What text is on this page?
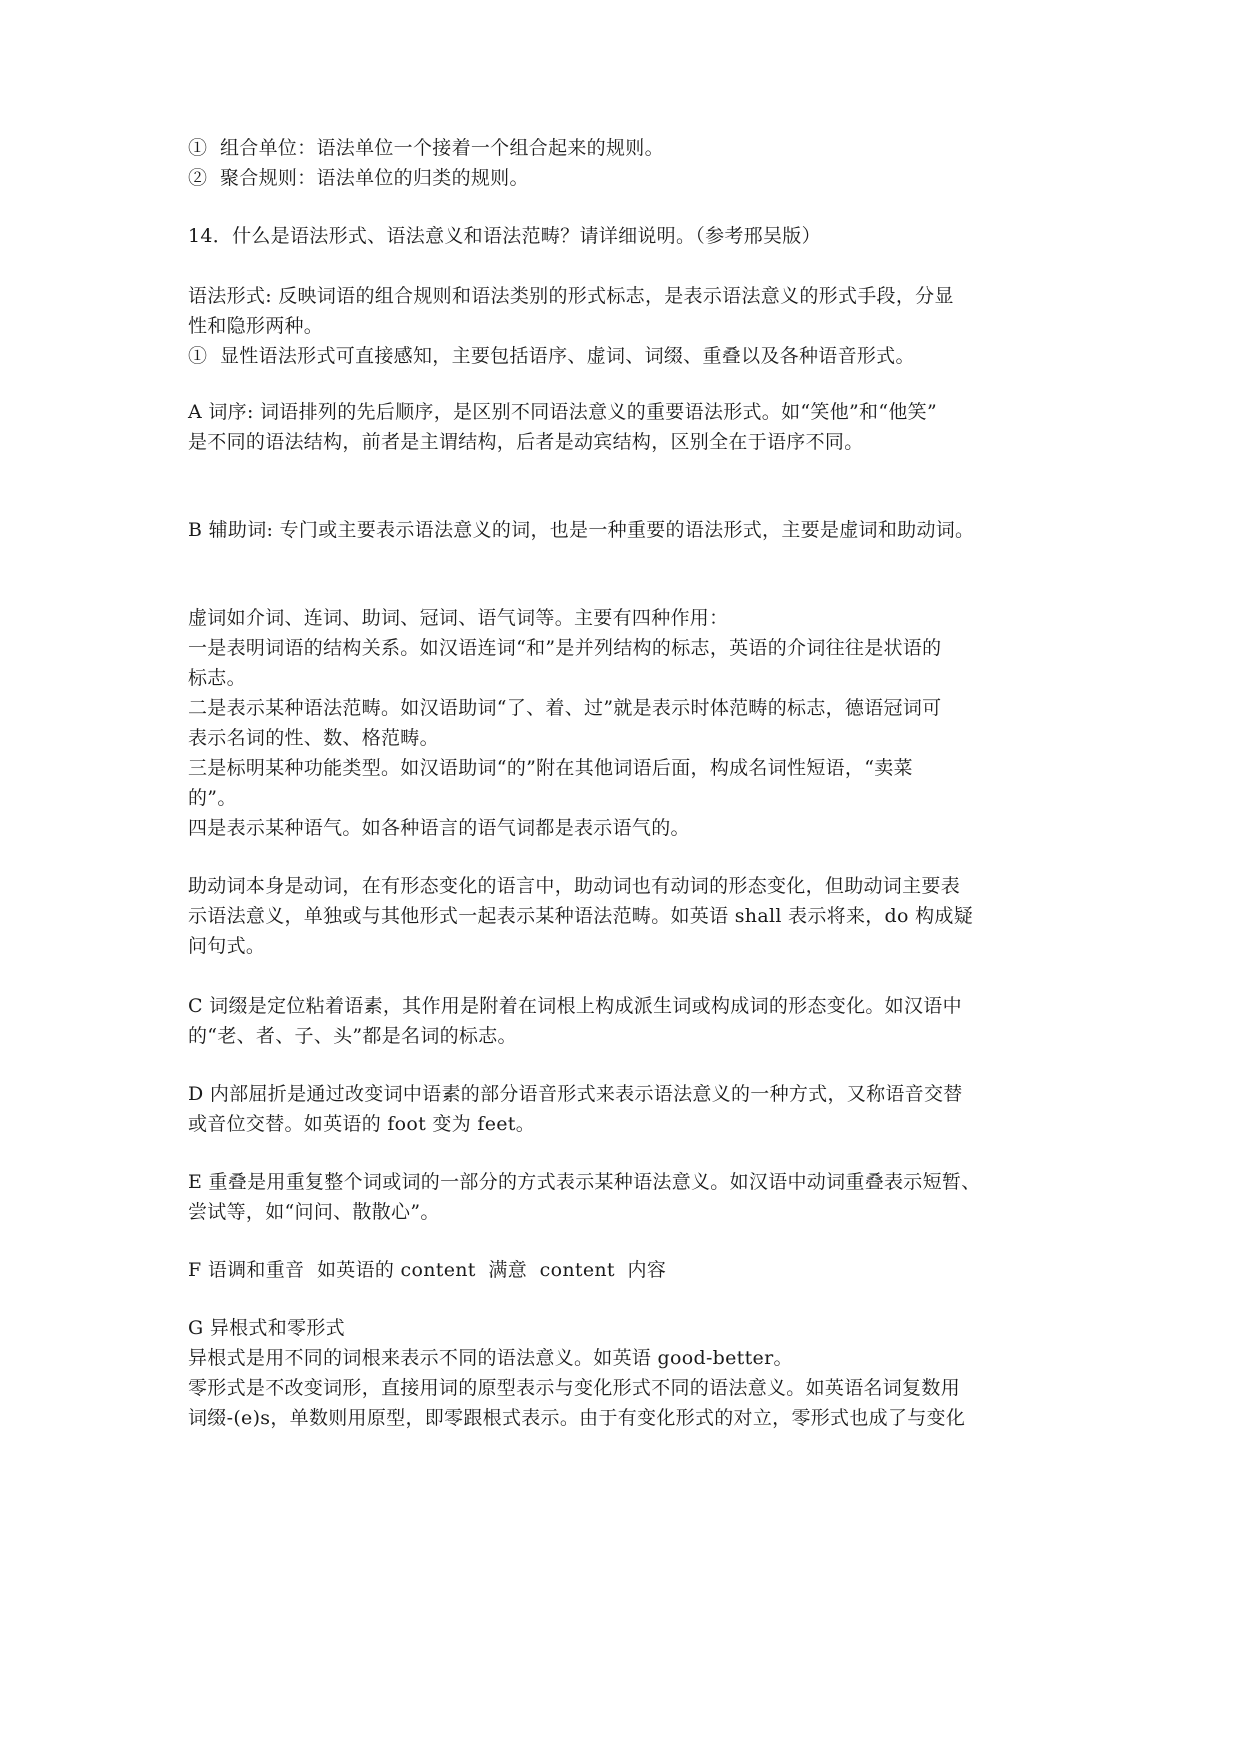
①  组合单位：语法单位一个接着一个组合起来的规则。
②  聚合规则：语法单位的归类的规则。
14．什么是语法形式、语法意义和语法范畴？请详细说明。（参考邢吴版）
语法形式: 反映词语的组合规则和语法类别的形式标志，是表示语法意义的形式手段，分显
性和隐形两种。
①  显性语法形式可直接感知，主要包括语序、虚词、词缀、重叠以及各种语音形式。
A 词序: 词语排列的先后顺序，是区别不同语法意义的重要语法形式。如“笑他”和“他笑”
是不同的语法结构，前者是主谓结构，后者是动宾结构，区别全在于语序不同。
B 辅助词: 专门或主要表示语法意义的词，也是一种重要的语法形式，主要是虚词和助动词。
虚词如介词、连词、助词、冠词、语气词等。主要有四种作用：
一是表明词语的结构关系。如汉语连词“和”是并列结构的标志，英语的介词往往是状语的
标志。
二是表示某种语法范畴。如汉语助词“了、着、过”就是表示时体范畴的标志，德语冠词可
表示名词的性、数、格范畴。
三是标明某种功能类型。如汉语助词“的”附在其他词语后面，构成名词性短语，“卖菜
的”。
四是表示某种语气。如各种语言的语气词都是表示语气的。
助动词本身是动词，在有形态变化的语言中，助动词也有动词的形态变化，但助动词主要表
示语法意义，单独或与其他形式一起表示某种语法范畴。如英语 shall 表示将来，do 构成疑
问句式。
C 词缀是定位粘着语素，其作用是附着在词根上构成派生词或构成词的形态变化。如汉语中
的“老、者、子、头”都是名词的标志。
D 内部屈折是通过改变词中语素的部分语音形式来表示语法意义的一种方式，又称语音交替
或音位交替。如英语的 foot 变为 feet。
E 重叠是用重复整个词或词的一部分的方式表示某种语法意义。如汉语中动词重叠表示短暂、
尝试等，如“问问、散散心”。
F 语调和重音  如英语的 content  满意  content  内容
G 异根式和零形式
异根式是用不同的词根来表示不同的语法意义。如英语 good-better。
零形式是不改变词形，直接用词的原型表示与变化形式不同的语法意义。如英语名词复数用
词缀-(e)s，单数则用原型，即零跟根式表示。由于有变化形式的对立，零形式也成了与变化
